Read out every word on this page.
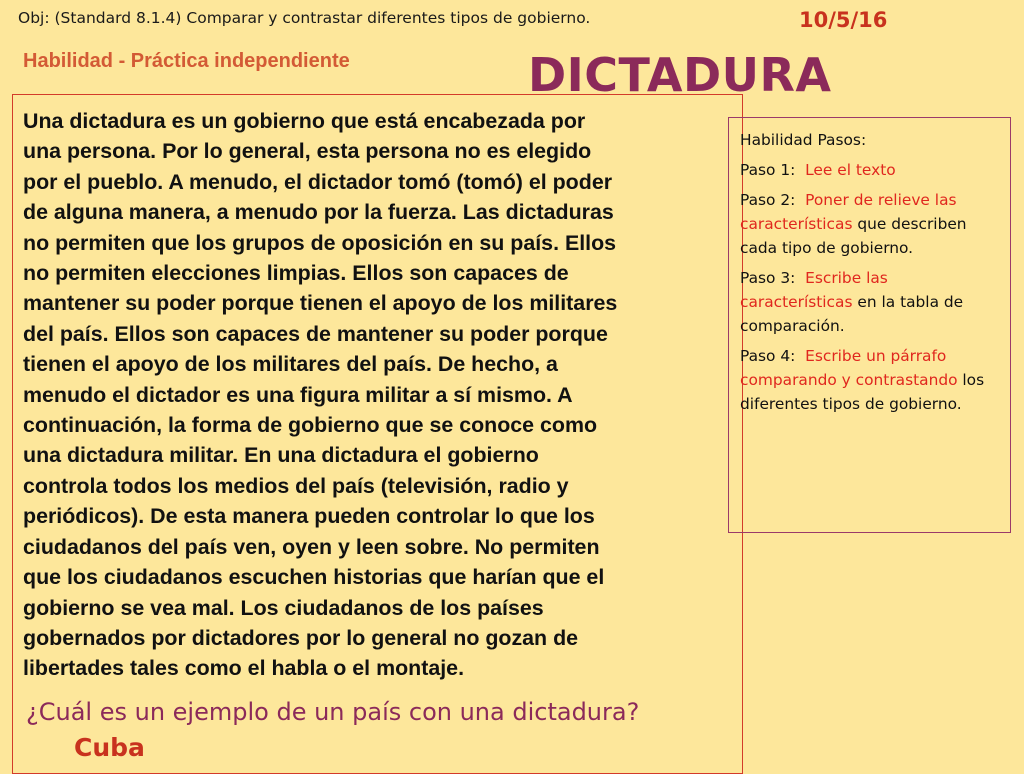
Obj: (Standard 8.1.4) Comparar y contrastar diferentes tipos de gobierno.	10/5/16
Habilidad - Práctica independiente	DICTADURA
Una dictadura es un gobierno que está encabezada por
una persona. Por lo general, esta persona no es elegido
por el pueblo. A menudo, el dictador tomó (tomó) el poder
de alguna manera, a menudo por la fuerza. Las dictaduras
no permiten que los grupos de oposición en su país. Ellos
no permiten elecciones limpias. Ellos son capaces de
mantener su poder porque tienen el apoyo de los militares
del país. Ellos son capaces de mantener su poder porque
tienen el apoyo de los militares del país. De hecho, a
menudo el dictador es una figura militar a sí mismo. A
continuación, la forma de gobierno que se conoce como
una dictadura militar. En una dictadura el gobierno
controla todos los medios del país (televisión, radio y
periódicos). De esta manera pueden controlar lo que los
ciudadanos del país ven, oyen y leen sobre. No permiten
que los ciudadanos escuchen historias que harían que el
gobierno se vea mal. Los ciudadanos de los países
gobernados por dictadores por lo general no gozan de
libertades tales como el habla o el montaje.
¿Cuál es un ejemplo de un país con una dictadura?
Cuba

Habilidad Pasos:

Paso 1: Lee el texto

Paso 2: Poner de relieve las características que describen cada tipo de gobierno.

Paso 3: Escribe las características en la tabla de comparación.

Paso 4: Escribe un párrafo comparando y contrastando los diferentes tipos de gobierno.
